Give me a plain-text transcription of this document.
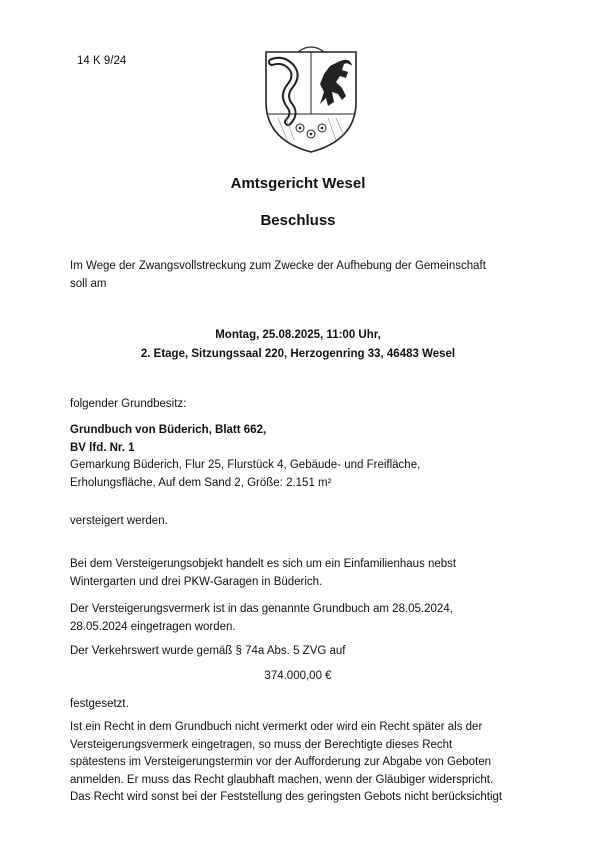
14 K 9/24
Amtsgericht Wesel
Beschluss
Im Wege der Zwangsvollstreckung zum Zwecke der Aufhebung der Gemeinschaft
soll am
Montag, 25.08.2025, 11:00 Uhr,
2. Etage, Sitzungssaal 220, Herzogenring 33, 46483 Wesel
folgender Grundbesitz:
Grundbuch von Büderich, Blatt 662,
BV lfd. Nr. 1
Gemarkung Büderich, Flur 25, Flurstück 4, Gebäude- und Freifläche,
Erholungsfläche, Auf dem Sand 2, Größe: 2.151 m²
versteigert werden.
Bei dem Versteigerungsobjekt handelt es sich um ein Einfamilienhaus nebst
Wintergarten und drei PKW-Garagen in Büderich.
Der Versteigerungsvermerk ist in das genannte Grundbuch am 28.05.2024,
28.05.2024 eingetragen worden.
Der Verkehrswert wurde gemäß § 74a Abs. 5 ZVG auf
374.000,00 €
festgesetzt.
Ist ein Recht in dem Grundbuch nicht vermerkt oder wird ein Recht später als der
Versteigerungsvermerk eingetragen, so muss der Berechtigte dieses Recht
spätestens im Versteigerungstermin vor der Aufforderung zur Abgabe von Geboten
anmelden. Er muss das Recht glaubhaft machen, wenn der Gläubiger widerspricht.
Das Recht wird sonst bei der Feststellung des geringsten Gebots nicht berücksichtigt
